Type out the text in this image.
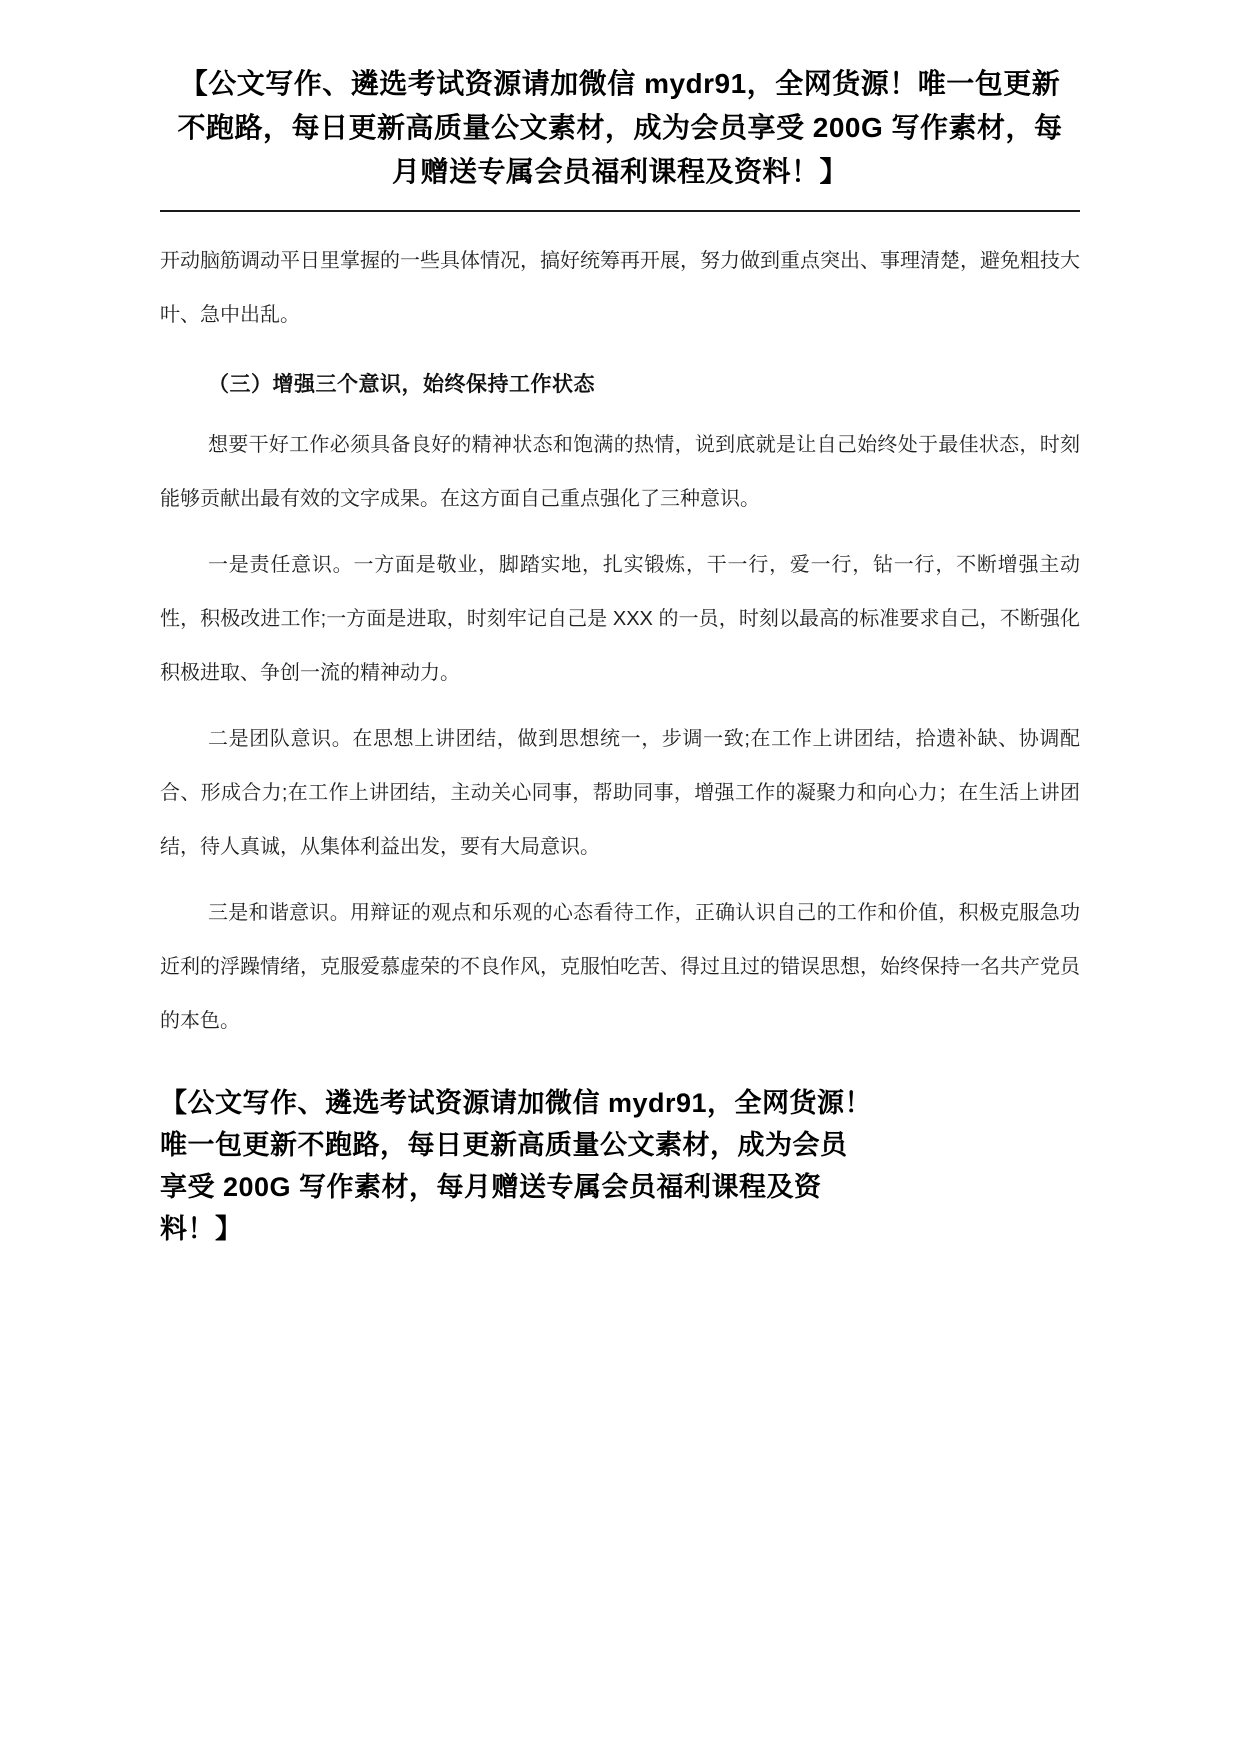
【公文写作、遴选考试资源请加微信 mydr91，全网货源！唯一包更新不跑路，每日更新高质量公文素材，成为会员享受 200G 写作素材，每月赠送专属会员福利课程及资料！】

开动脑筋调动平日里掌握的一些具体情况，搞好统筹再开展，努力做到重点突出、事理清楚，避免粗技大叶、急中出乱。

（三）增强三个意识，始终保持工作状态

想要干好工作必须具备良好的精神状态和饱满的热情，说到底就是让自己始终处于最佳状态，时刻能够贡献出最有效的文字成果。在这方面自己重点强化了三种意识。

一是责任意识。一方面是敬业，脚踏实地，扎实锻炼，干一行，爱一行，钻一行，不断增强主动性，积极改进工作;一方面是进取，时刻牢记自己是 XXX 的一员，时刻以最高的标准要求自己，不断强化积极进取、争创一流的精神动力。

二是团队意识。在思想上讲团结，做到思想统一，步调一致;在工作上讲团结，拾遗补缺、协调配合、形成合力;在工作上讲团结，主动关心同事，帮助同事，增强工作的凝聚力和向心力；在生活上讲团结，待人真诚，从集体利益出发，要有大局意识。

三是和谐意识。用辩证的观点和乐观的心态看待工作，正确认识自己的工作和价值，积极克服急功近利的浮躁情绪，克服爱慕虚荣的不良作风，克服怕吃苦、得过且过的错误思想，始终保持一名共产党员的本色。

【公文写作、遴选考试资源请加微信 mydr91，全网货源！
唯一包更新不跑路，每日更新高质量公文素材，成为会员
享受 200G 写作素材，每月赠送专属会员福利课程及资
料！】
